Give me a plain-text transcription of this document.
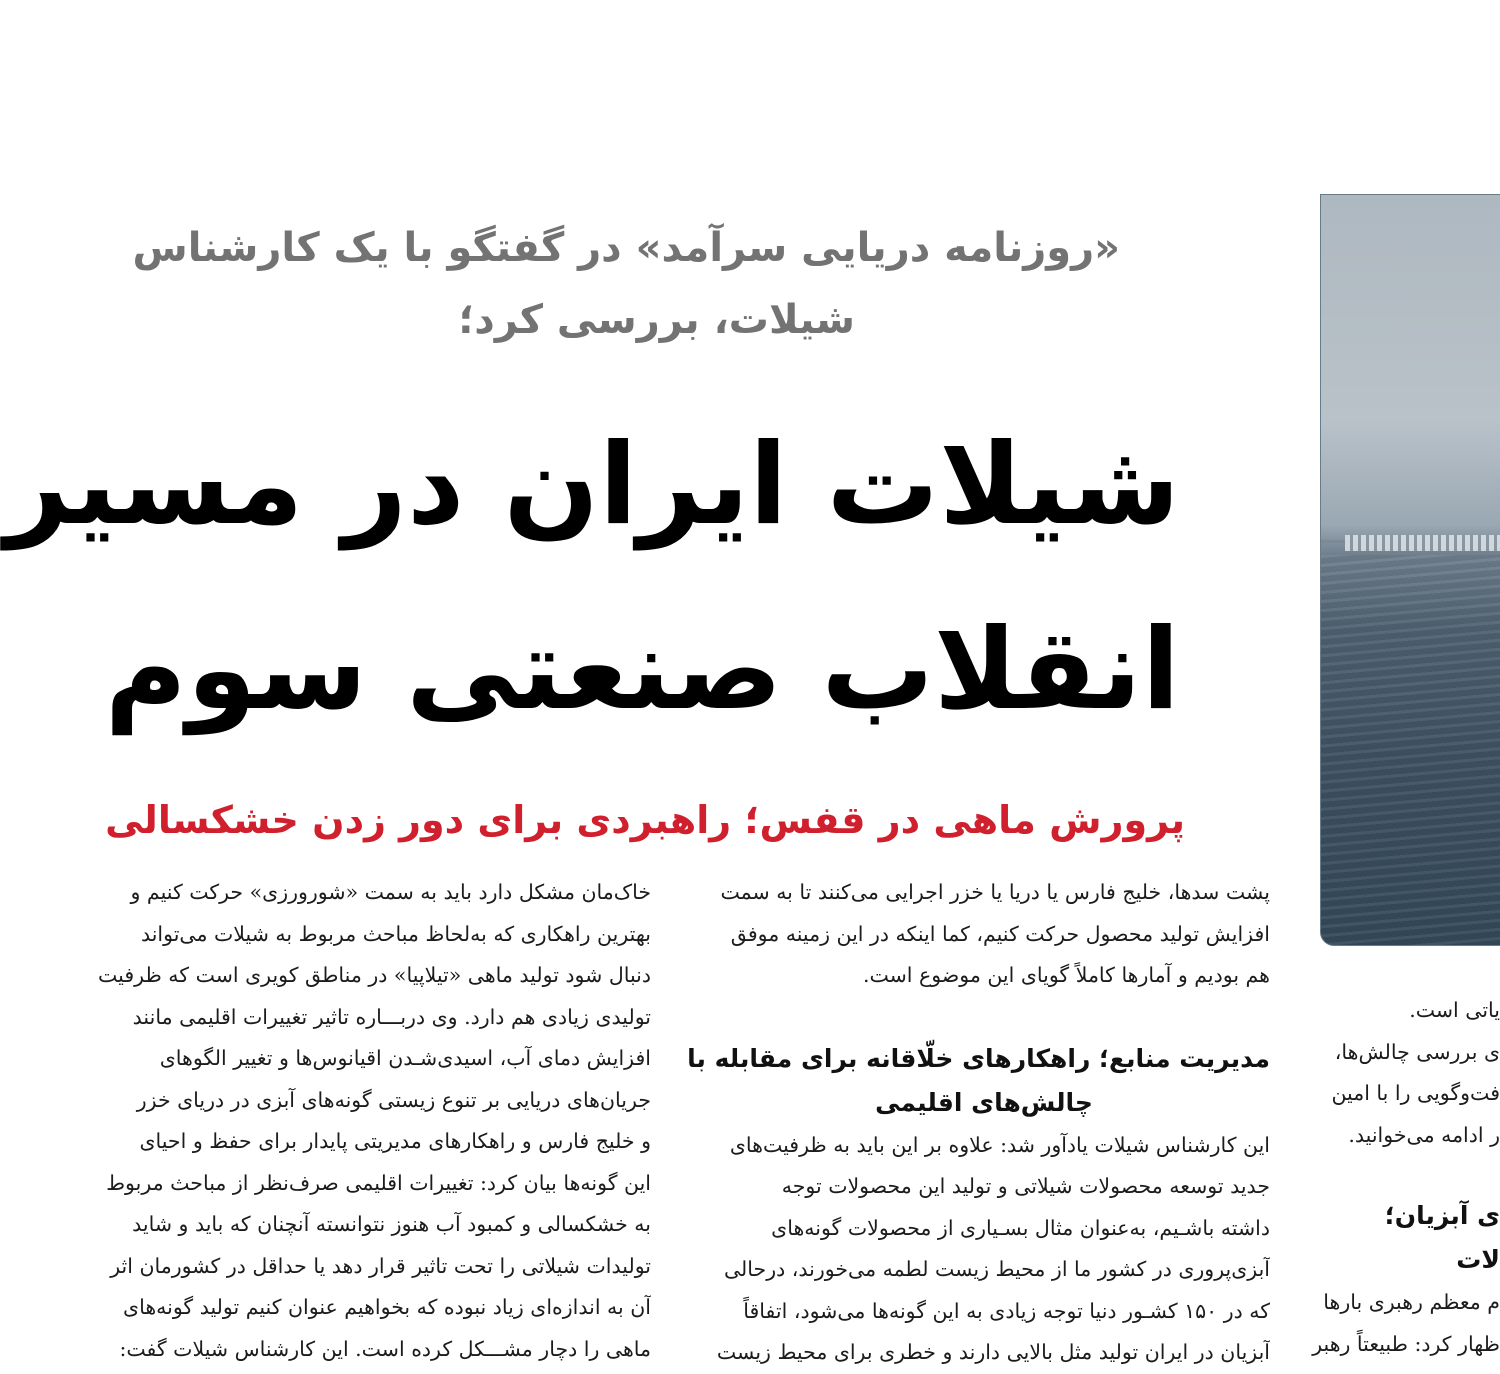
«روزنامه دریایی سرآمد» در گفتگو با یک کارشناس
شیلات، بررسی کرد؛
شیلات ایران در مسیر
انقلاب صنعتی سوم
پرورش ماهی در قفس؛ راهبردی برای دور زدن خشکسالی

خاک‌مان مشکل دارد باید به سمت «شورورزی» حرکت کنیم و

بهترین راهکاری که به‌لحاظ مباحث مربوط به شیلات می‌تواند

دنبال شود تولید ماهی «تیلاپیا» در مناطق کویری است که ظرفیت

تولیدی زیادی هم دارد. وی دربـــاره تاثیر تغییرات اقلیمی مانند

افزایش دمای آب، اسیدی‌شـدن اقیانوس‌ها و تغییر الگوهای

جریان‌های دریایی بر تنوع زیستی گونه‌های آبزی در دریای خزر

و خلیج فارس و راهکارهای مدیریتی پایدار برای حفظ و احیای

این گونه‌ها بیان کرد: تغییرات اقلیمی صرف‌نظر از مباحث مربوط

به خشکسالی و کمبود آب هنوز نتوانسته آنچنان که باید و شاید

تولیدات شیلاتی را تحت تاثیر قرار دهد یا حداقل در کشورمان اثر

آن به اندازه‌ای زیاد نبوده که بخواهیم عنوان کنیم تولید گونه‌های

ماهی را دچار مشـــکل کرده است. این کارشناس شیلات گفت:

پشت سدها، خلیج فارس یا دریا یا خزر اجرایی می‌کنند تا به سمت

افزایش تولید محصول حرکت کنیم، کما اینکه در این زمینه موفق

هم بودیم و آمارها کاملاً گویای این موضوع است.

مدیریت منابع؛ راهکارهای خلّاقانه برای مقابله با
چالش‌های اقلیمی

این کارشناس شیلات یادآور شد: علاوه بر این باید به ظرفیت‌های

جدید توسعه محصولات شیلاتی و تولید این محصولات توجه

داشته باشـیم، به‌عنوان مثال بسـیاری از محصولات گونه‌های

آبزی‌پروری در کشور ما از محیط زیست لطمه می‌خورند، درحالی

که در ۱۵۰ کشـور دنیا توجه زیادی به این گونه‌ها می‌شود، اتفاقاً

آبزیان در ایران تولید مثل بالایی دارند و خطری برای محیط زیست

یاتی است.

ی بررسی چالش‌ها،

فت‌وگویی را با امین

ر ادامه می‌خوانید.

ی آبزیان؛
لات

م معظم رهبری بارها

ظهار کرد: طبیعتاً رهبر
